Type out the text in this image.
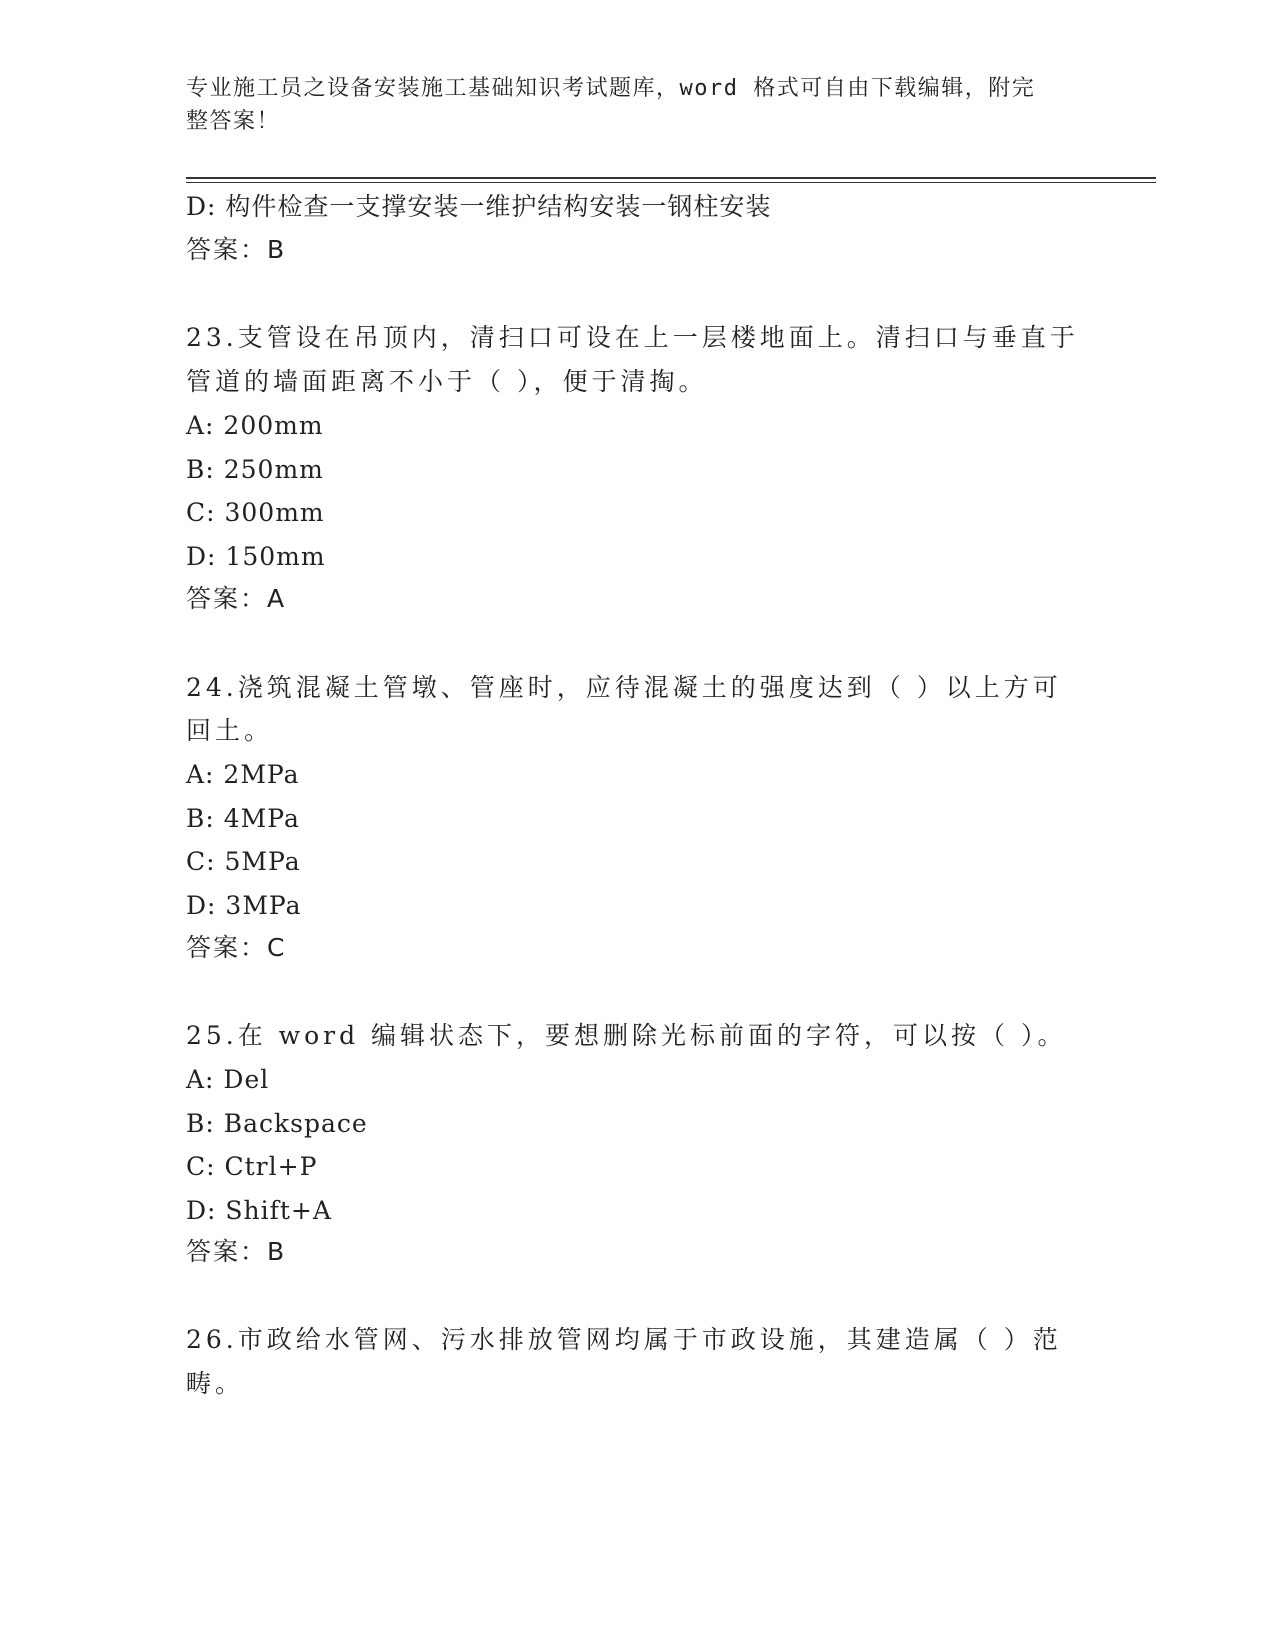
专业施工员之设备安装施工基础知识考试题库，word 格式可自由下载编辑，附完
整答案！
D: 构件检查一支撑安装一维护结构安装一钢柱安装
答案：B
23.支管设在吊顶内，清扫口可设在上一层楼地面上。清扫口与垂直于
管道的墙面距离不小于（ ），便于清掏。
A: 200mm
B: 250mm
C: 300mm
D: 150mm
答案：A
24.浇筑混凝土管墩、管座时，应待混凝土的强度达到（ ）以上方可
回土。
A: 2MPa
B: 4MPa
C: 5MPa
D: 3MPa
答案：C
25.在 word 编辑状态下，要想删除光标前面的字符，可以按（ ）。
A: Del
B: Backspace
C: Ctrl+P
D: Shift+A
答案：B
26.市政给水管网、污水排放管网均属于市政设施，其建造属（ ）范
畴。
